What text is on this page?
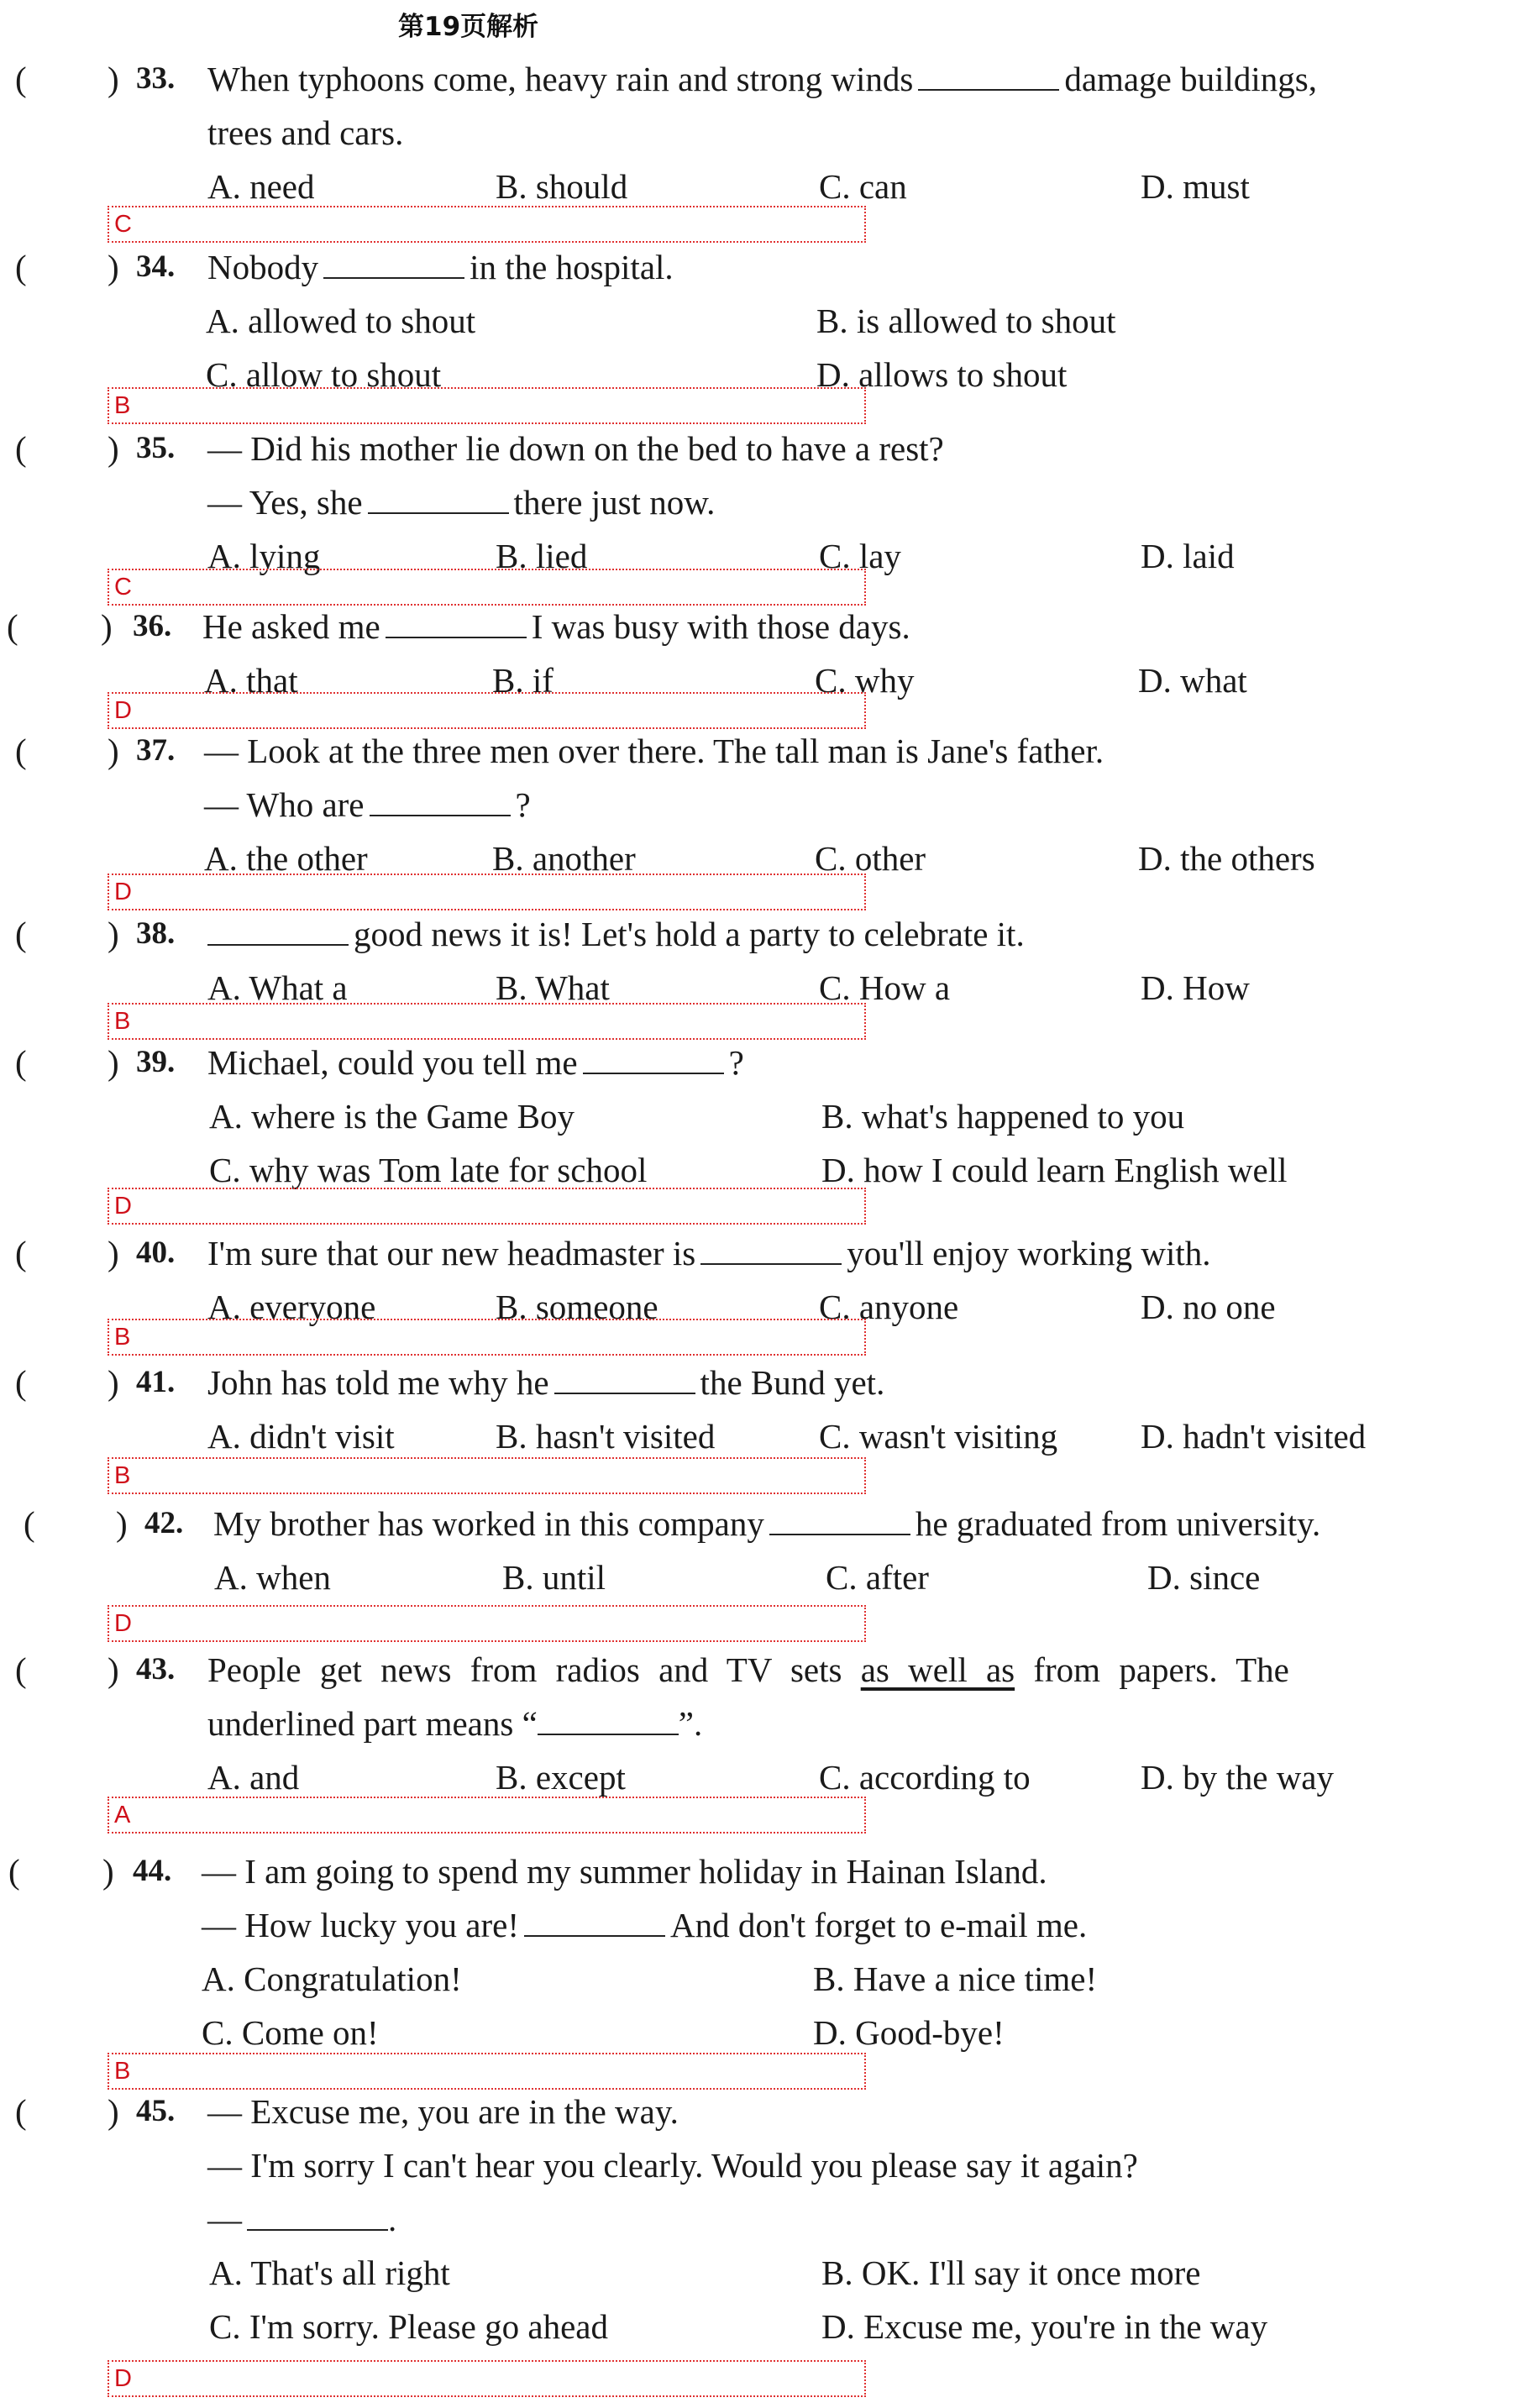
第19页解析
( ) 33. When typhoons come, heavy rain and strong winds	damage buildings,
trees and cars.
A. need	B. should	C. can	D. must
C
( ) 34. Nobody	in the hospital.
A. allowed to shout	B. is allowed to shout
C. allow to shout	D. allows to shout
B
( ) 35. — Did his mother lie down on the bed to have a rest?
— Yes, she	there just now.
A. lying	B. lied	C. lay	D. laid
C
( ) 36. He asked me	I was busy with those days.
A. that	B. if	C. why	D. what
D
( ) 37. — Look at the three men over there. The tall man is Jane's father.
— Who are	?
A. the other	B. another	C. other	D. the others
D
( ) 38.	good news it is! Let's hold a party to celebrate it.
A. What a	B. What	C. How a	D. How
B
( ) 39. Michael, could you tell me	?
A. where is the Game Boy	B. what's happened to you
C. why was Tom late for school	D. how I could learn English well
D
( ) 40. I'm sure that our new headmaster is	you'll enjoy working with.
A. everyone	B. someone	C. anyone	D. no one
B
( ) 41. John has told me why he	the Bund yet.
A. didn't visit	B. hasn't visited	C. wasn't visiting D. hadn't visited
B
( ) 42. My brother has worked in this company	he graduated from university.
A. when	B. until	C. after	D. since
D
( ) 43. People get news from radios and TV sets as well as from papers. The
underlined part means “	”.
A. and	B. except	C. according to	D. by the way
A
( ) 44. — I am going to spend my summer holiday in Hainan Island.
— How lucky you are!	And don't forget to e-mail me.
A. Congratulation!	B. Have a nice time!
C. Come on!	D. Good-bye!
B
( ) 45. — Excuse me, you are in the way.
— I'm sorry I can't hear you clearly. Would you please say it again?
—	.
A. That's all right	B. OK. I'll say it once more
C. I'm sorry. Please go ahead	D. Excuse me, you're in the way
D
